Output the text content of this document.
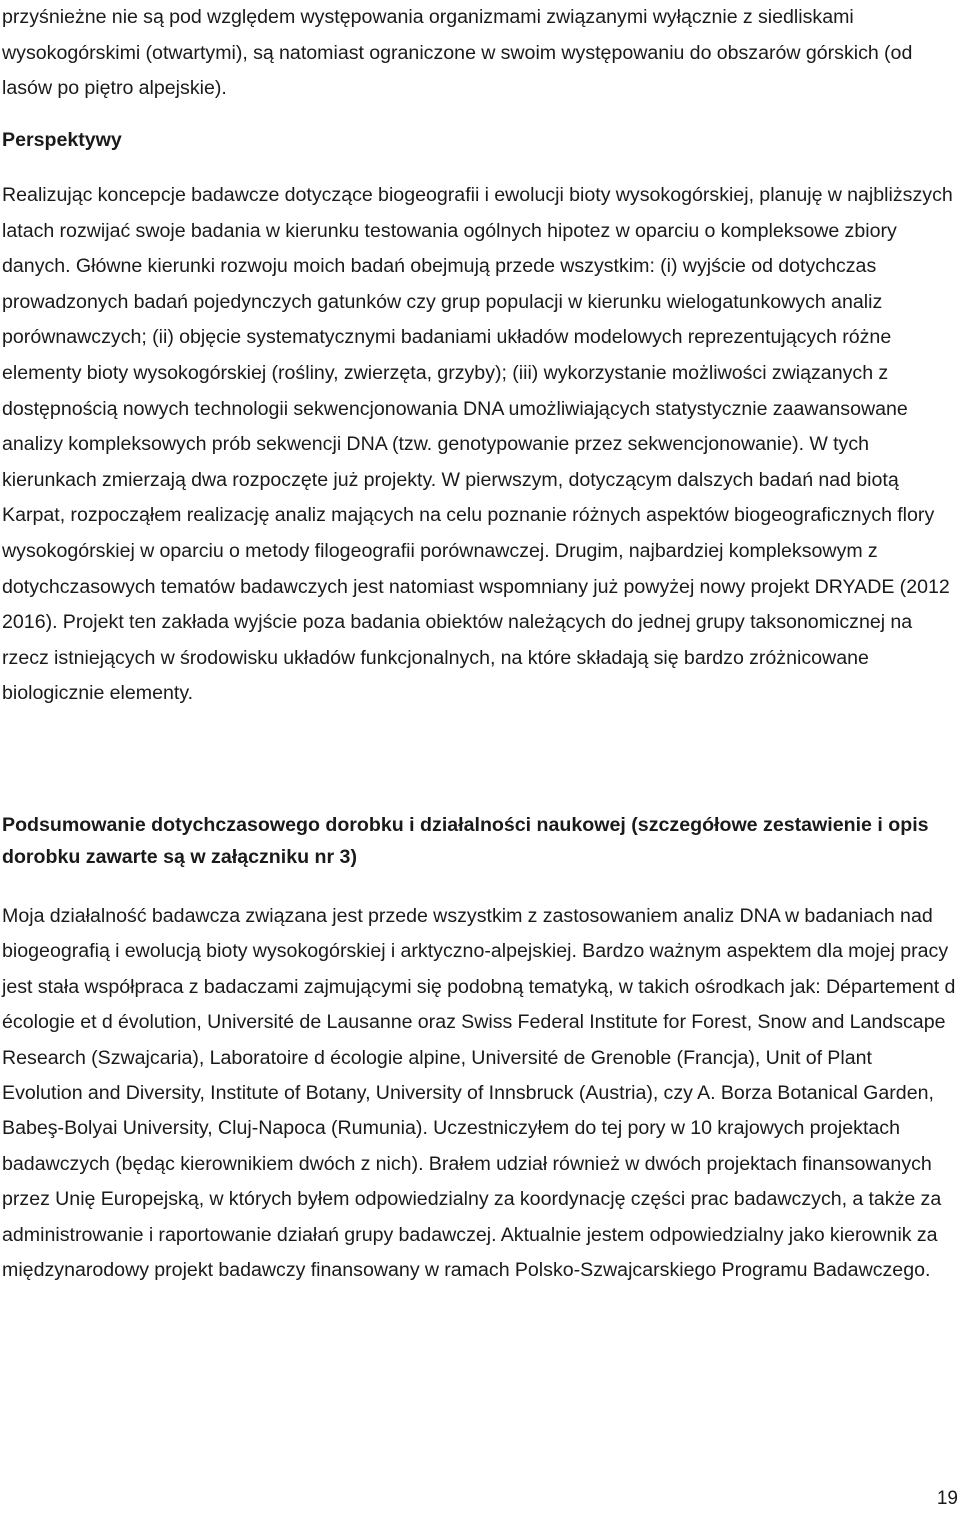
przyśnieżne nie są pod względem występowania organizmami związanymi wyłącznie z siedliskami wysokogórskimi (otwartymi), są natomiast ograniczone w swoim występowaniu do obszarów górskich (od lasów po piętro alpejskie).

Perspektywy

Realizując koncepcje badawcze dotyczące biogeografii i ewolucji bioty wysokogórskiej, planuję w najbliższych latach rozwijać swoje badania w kierunku testowania ogólnych hipotez w oparciu o kompleksowe zbiory danych. Główne kierunki rozwoju moich badań obejmują przede wszystkim: (i) wyjście od dotychczas prowadzonych badań pojedynczych gatunków czy grup populacji w kierunku wielogatunkowych analiz porównawczych; (ii) objęcie systematycznymi badaniami układów modelowych reprezentujących różne elementy bioty wysokogórskiej (rośliny, zwierzęta, grzyby); (iii) wykorzystanie możliwości związanych z dostępnością nowych technologii sekwencjonowania DNA umożliwiających statystycznie zaawansowane analizy kompleksowych prób sekwencji DNA (tzw. genotypowanie przez sekwencjonowanie). W tych kierunkach zmierzają dwa rozpoczęte już projekty. W pierwszym, dotyczącym dalszych badań nad biotą Karpat, rozpocząłem realizację analiz mających na celu poznanie różnych aspektów biogeograficznych flory wysokogórskiej w oparciu o metody filogeografii porównawczej. Drugim, najbardziej kompleksowym z dotychczasowych tematów badawczych jest natomiast wspomniany już powyżej nowy projekt DRYADE (2012 2016). Projekt ten zakłada wyjście poza badania obiektów należących do jednej grupy taksonomicznej na rzecz istniejących w środowisku układów funkcjonalnych, na które składają się bardzo zróżnicowane biologicznie elementy.

Podsumowanie dotychczasowego dorobku i działalności naukowej (szczegółowe zestawienie i opis dorobku zawarte są w załączniku nr 3)

Moja działalność badawcza związana jest przede wszystkim z zastosowaniem analiz DNA w badaniach nad biogeografią i ewolucją bioty wysokogórskiej i arktyczno-alpejskiej. Bardzo ważnym aspektem dla mojej pracy jest stała współpraca z badaczami zajmującymi się podobną tematyką, w takich ośrodkach jak: Département d écologie et d évolution, Université de Lausanne oraz Swiss Federal Institute for Forest, Snow and Landscape Research (Szwajcaria), Laboratoire d écologie alpine, Université de Grenoble (Francja), Unit of Plant Evolution and Diversity, Institute of Botany, University of Innsbruck (Austria), czy A. Borza Botanical Garden, Babeş-Bolyai University, Cluj-Napoca (Rumunia). Uczestniczyłem do tej pory w 10 krajowych projektach badawczych (będąc kierownikiem dwóch z nich). Brałem udział również w dwóch projektach finansowanych przez Unię Europejską, w których byłem odpowiedzialny za koordynację części prac badawczych, a także za administrowanie i raportowanie działań grupy badawczej. Aktualnie jestem odpowiedzialny jako kierownik za międzynarodowy projekt badawczy finansowany w ramach Polsko-Szwajcarskiego Programu Badawczego.

19
